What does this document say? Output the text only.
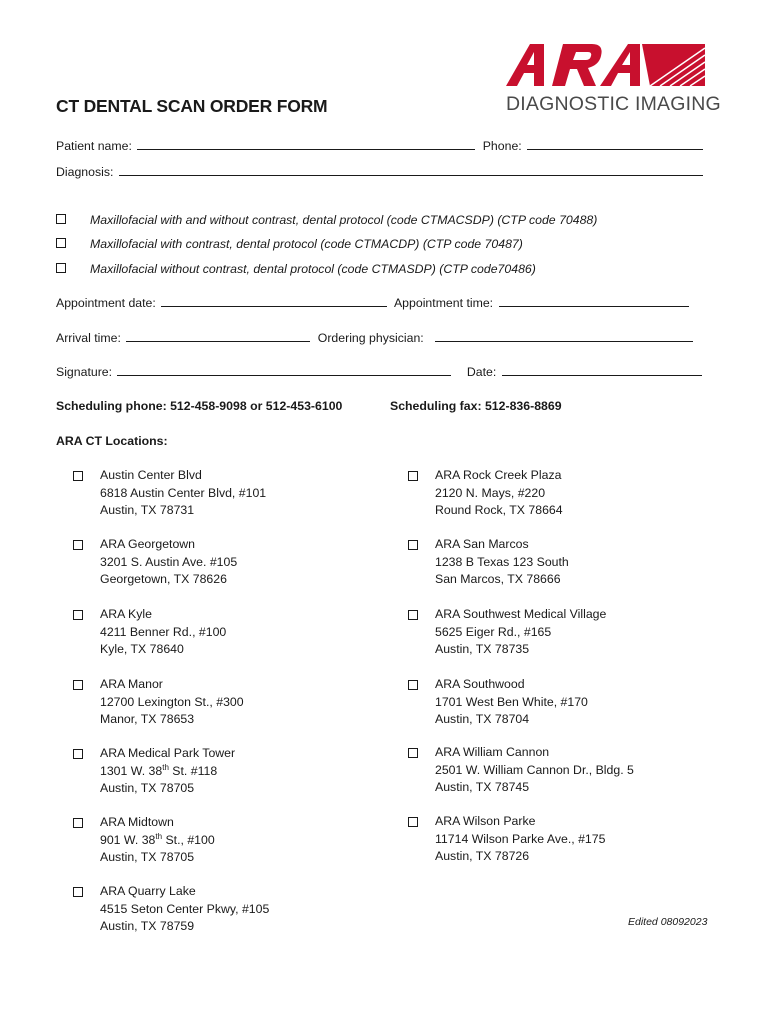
DIAGNOSTIC IMAGING
CT DENTAL SCAN ORDER FORM
Patient name:	Phone:
Diagnosis:
Maxillofacial with and without contrast, dental protocol (code CTMACSDP) (CTP code 70488)
Maxillofacial with contrast, dental protocol (code CTMACDP) (CTP code 70487)
Maxillofacial without contrast, dental protocol (code CTMASDP) (CTP code70486)
Appointment date:	Appointment time:
Arrival time:	Ordering physician:
Signature:	Date:
Scheduling phone: 512-458-9098 or 512-453-6100	Scheduling fax: 512-836-8869
ARA CT Locations:
Austin Center Blvd
6818 Austin Center Blvd, #101
Austin, TX 78731
ARA Georgetown
3201 S. Austin Ave. #105
Georgetown, TX 78626
ARA Kyle
4211 Benner Rd., #100
Kyle, TX 78640
ARA Manor
12700 Lexington St., #300
Manor, TX 78653
ARA Medical Park Tower
1301 W. 38th St. #118
Austin, TX 78705
ARA Midtown
901 W. 38th St., #100
Austin, TX 78705
ARA Quarry Lake
4515 Seton Center Pkwy, #105
Austin, TX 78759
ARA Rock Creek Plaza
2120 N. Mays, #220
Round Rock, TX 78664
ARA San Marcos
1238 B Texas 123 South
San Marcos, TX 78666
ARA Southwest Medical Village
5625 Eiger Rd., #165
Austin, TX 78735
ARA Southwood
1701 West Ben White, #170
Austin, TX 78704
ARA William Cannon
2501 W. William Cannon Dr., Bldg. 5
Austin, TX 78745
ARA Wilson Parke
11714 Wilson Parke Ave., #175
Austin, TX 78726
Edited 08092023
